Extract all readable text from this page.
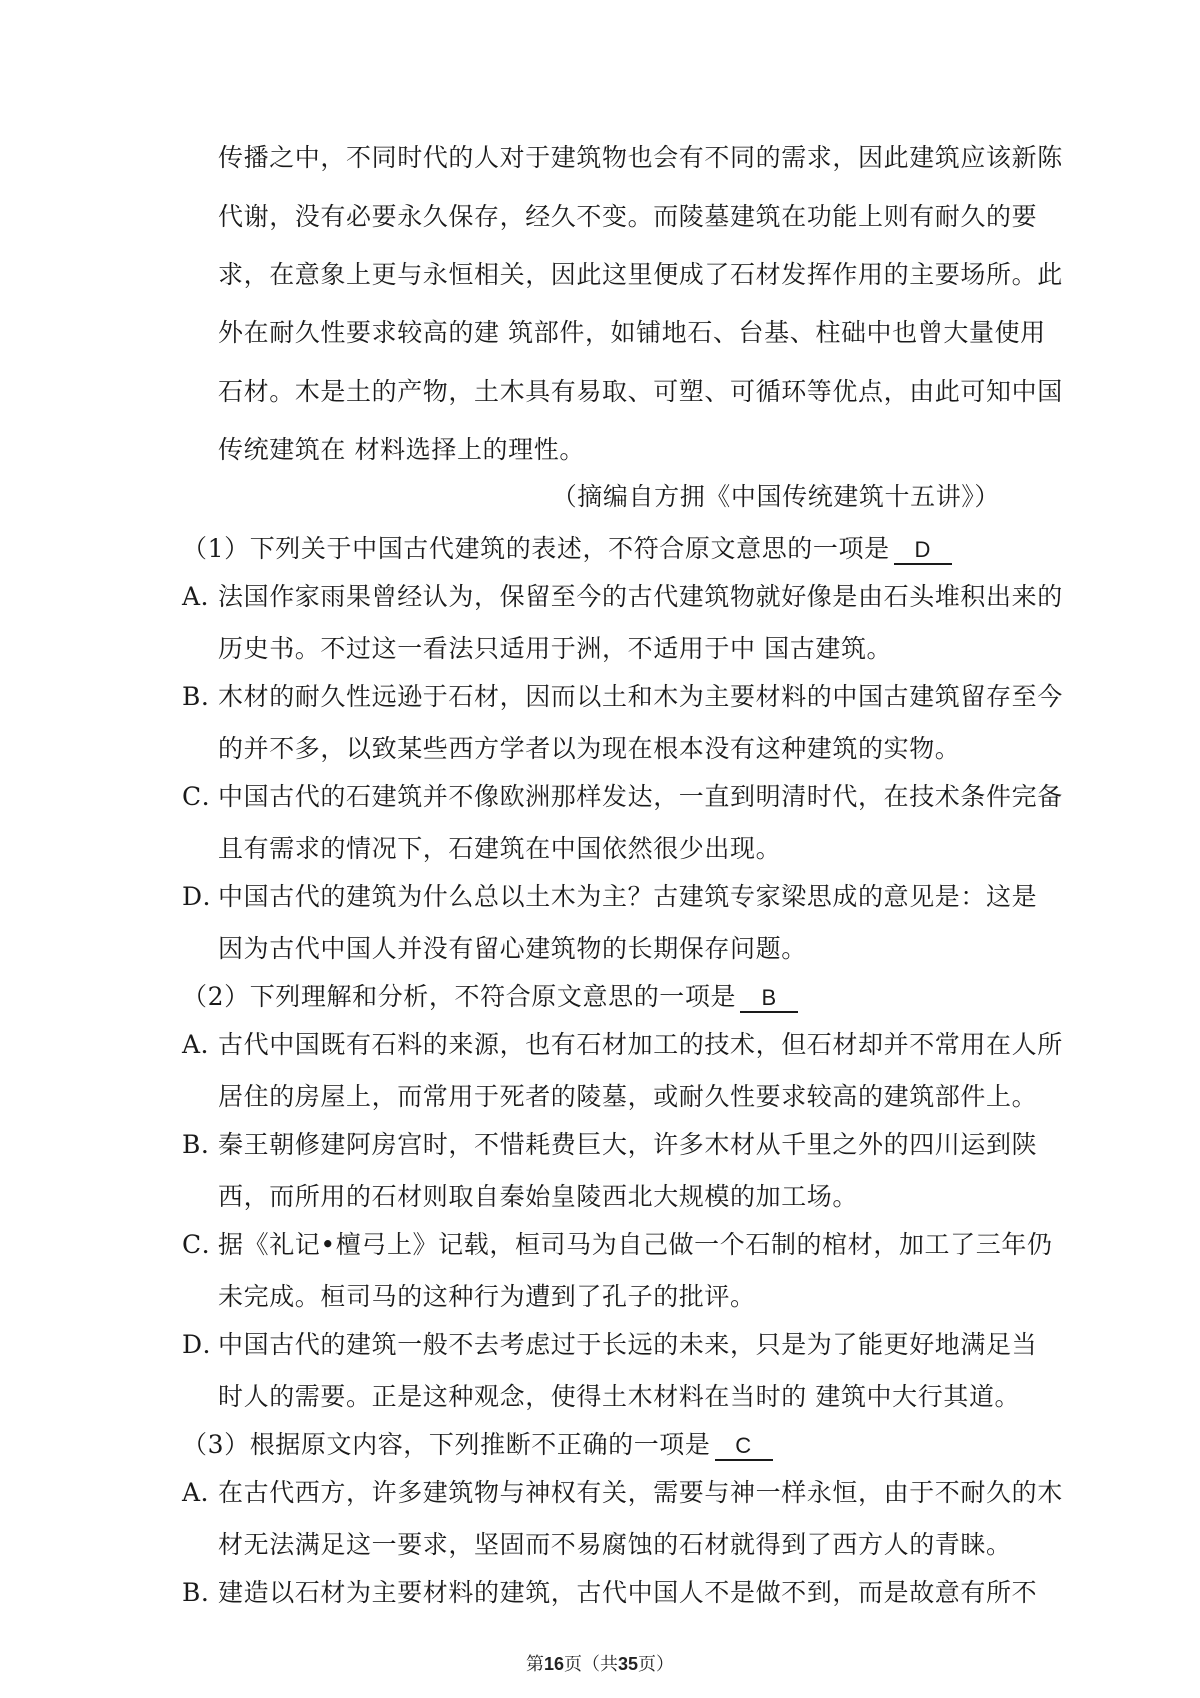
传播之中，不同时代的人对于建筑物也会有不同的需求，因此建筑应该新陈
代谢，没有必要永久保存，经久不变。而陵墓建筑在功能上则有耐久的要
求，在意象上更与永恒相关，因此这里便成了石材发挥作用的主要场所。此
外在耐久性要求较高的建 筑部件，如铺地石、台基、柱础中也曾大量使用
石材。木是土的产物，土木具有易取、可塑、可循环等优点，由此可知中国
传统建筑在 材料选择上的理性。
（摘编自方拥《中国传统建筑十五讲》）
（1）下列关于中国古代建筑的表述，不符合原文意思的一项是 D
A．法国作家雨果曾经认为，保留至今的古代建筑物就好像是由石头堆积出来的
历史书。不过这一看法只适用于洲，不适用于中 国古建筑。
B．木材的耐久性远逊于石材，因而以土和木为主要材料的中国古建筑留存至今
的并不多，以致某些西方学者以为现在根本没有这种建筑的实物。
C．中国古代的石建筑并不像欧洲那样发达，一直到明清时代，在技术条件完备
且有需求的情况下，石建筑在中国依然很少出现。
D．中国古代的建筑为什么总以土木为主？古建筑专家梁思成的意见是：这是
因为古代中国人并没有留心建筑物的长期保存问题。
（2）下列理解和分析，不符合原文意思的一项是 B
A．古代中国既有石料的来源，也有石材加工的技术，但石材却并不常用在人所
居住的房屋上，而常用于死者的陵墓，或耐久性要求较高的建筑部件上。
B．秦王朝修建阿房宫时，不惜耗费巨大，许多木材从千里之外的四川运到陕
西，而所用的石材则取自秦始皇陵西北大规模的加工场。
C．据《礼记•檀弓上》记载，桓司马为自己做一个石制的棺材，加工了三年仍
未完成。桓司马的这种行为遭到了孔子的批评。
D．中国古代的建筑一般不去考虑过于长远的未来，只是为了能更好地满足当
时人的需要。正是这种观念，使得土木材料在当时的 建筑中大行其道。
（3）根据原文内容，下列推断不正确的一项是 C
A．在古代西方，许多建筑物与神权有关，需要与神一样永恒，由于不耐久的木
材无法满足这一要求，坚固而不易腐蚀的石材就得到了西方人的青睐。
B．建造以石材为主要材料的建筑，古代中国人不是做不到，而是故意有所不
第16页（共35页）
